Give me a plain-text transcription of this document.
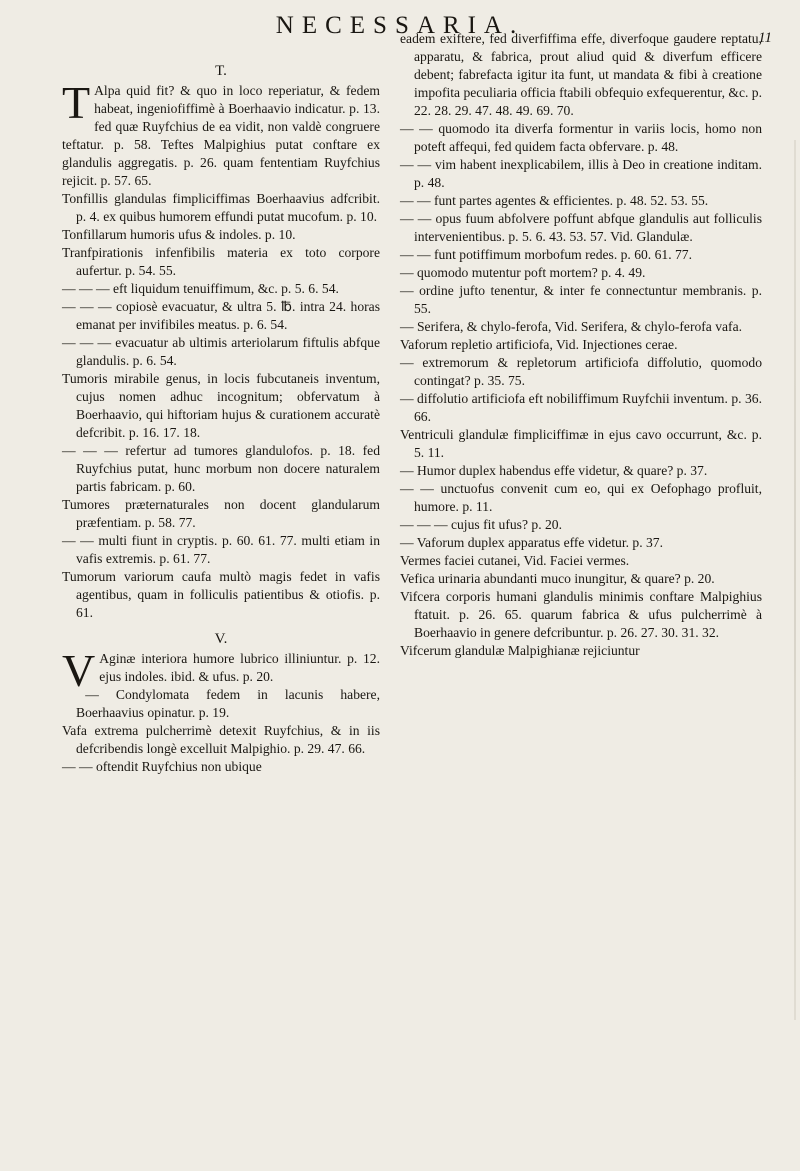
NECESSARIA.	11
T.

T Alpa quid fit? & quo in loco reperiatur, & fedem habeat, ingeniofiffimè à Boerhaavio indicatur. p. 13. fed quæ Ruyfchius de ea vidit, non valdè congruere teftatur. p. 58. Teftes Malpighius putat conftare ex glandulis aggregatis. p. 26. quam fententiam Ruyfchius rejicit. p. 57. 65.

Tonfillis glandulas fimpliciffimas Boerhaavius adfcribit. p. 4. ex quibus humorem effundi putat mucofum. p. 10.

Tonfillarum humoris ufus & indoles. p. 10.

Tranfpirationis infenfibilis materia ex toto corpore aufertur. p. 54. 55.

— — — eft liquidum tenuiffimum, &c. p. 5. 6. 54.

— — — copiosè evacuatur, & ultra 5. ℔. intra 24. horas emanat per invifibiles meatus. p. 6. 54.

— — — evacuatur ab ultimis arteriolarum fiftulis abfque glandulis. p. 6. 54.

Tumoris mirabile genus, in locis fubcutaneis inventum, cujus nomen adhuc incognitum; obfervatum à Boerhaavio, qui hiftoriam hujus & curationem accuratè defcribit. p. 16. 17. 18.

— — — refertur ad tumores glandulofos. p. 18. fed Ruyfchius putat, hunc morbum non docere naturalem partis fabricam. p. 60.

Tumores præternaturales non docent glandularum præfentiam. p. 58. 77.

— — multi fiunt in cryptis. p. 60. 61. 77. multi etiam in vafis extremis. p. 61. 77.

Tumorum variorum caufa multò magis fedet in vafis agentibus, quam in folliculis patientibus & otiofis. p. 61.

V.

V Aginæ interiora humore lubrico illiniuntur. p. 12. ejus indoles. ibid. & ufus. p. 20.

— Condylomata fedem in lacunis habere, Boerhaavius opinatur. p. 19.

Vafa extrema pulcherrimè detexit Ruyfchius, & in iis defcribendis longè excelluit Malpighio. p. 29. 47. 66.

— — oftendit Ruyfchius non ubique

eadem exiftere, fed diverfiffima effe, diverfoque gaudere reptatu, apparatu, & fabrica, prout aliud quid & diverfum efficere debent; fabrefacta igitur ita funt, ut mandata & fibi à creatione impofita peculiaria officia ftabili obfequio exfequerentur, &c. p. 22. 28. 29. 47. 48. 49. 69. 70.

— — quomodo ita diverfa formentur in variis locis, homo non poteft affequi, fed quidem facta obfervare. p. 48.

— — vim habent inexplicabilem, illis à Deo in creatione inditam. p. 48.

— — funt partes agentes & efficientes. p. 48. 52. 53. 55.

— — opus fuum abfolvere poffunt abfque glandulis aut folliculis intervenientibus. p. 5. 6. 43. 53. 57. Vid. Glandulæ.

— — funt potiffimum morbofum redes. p. 60. 61. 77.

— quomodo mutentur poft mortem? p. 4. 49.

— ordine jufto tenentur, & inter fe connectuntur membranis. p. 55.

— Serifera, & chylo-ferofa, Vid. Serifera, & chylo-ferofa vafa.

Vaforum repletio artificiofa, Vid. Injectiones cerae.

— extremorum & repletorum artificiofa diffolutio, quomodo contingat? p. 35. 75.

— diffolutio artificiofa eft nobiliffimum Ruyfchii inventum. p. 36. 66.

Ventriculi glandulæ fimpliciffimæ in ejus cavo occurrunt, &c. p. 5. 11.

— Humor duplex habendus effe videtur, & quare? p. 37.

— — unctuofus convenit cum eo, qui ex Oefophago profluit, humore. p. 11.

— — — cujus fit ufus? p. 20.

— Vaforum duplex apparatus effe videtur. p. 37.

Vermes faciei cutanei, Vid. Faciei vermes.

Vefica urinaria abundanti muco inungitur, & quare? p. 20.

Vifcera corporis humani glandulis minimis conftare Malpighius ftatuit. p. 26. 65. quarum fabrica & ufus pulcherrimè à Boerhaavio in genere defcribuntur. p. 26. 27. 30. 31. 32.

Vifcerum glandulæ Malpighianæ rejiciuntur
